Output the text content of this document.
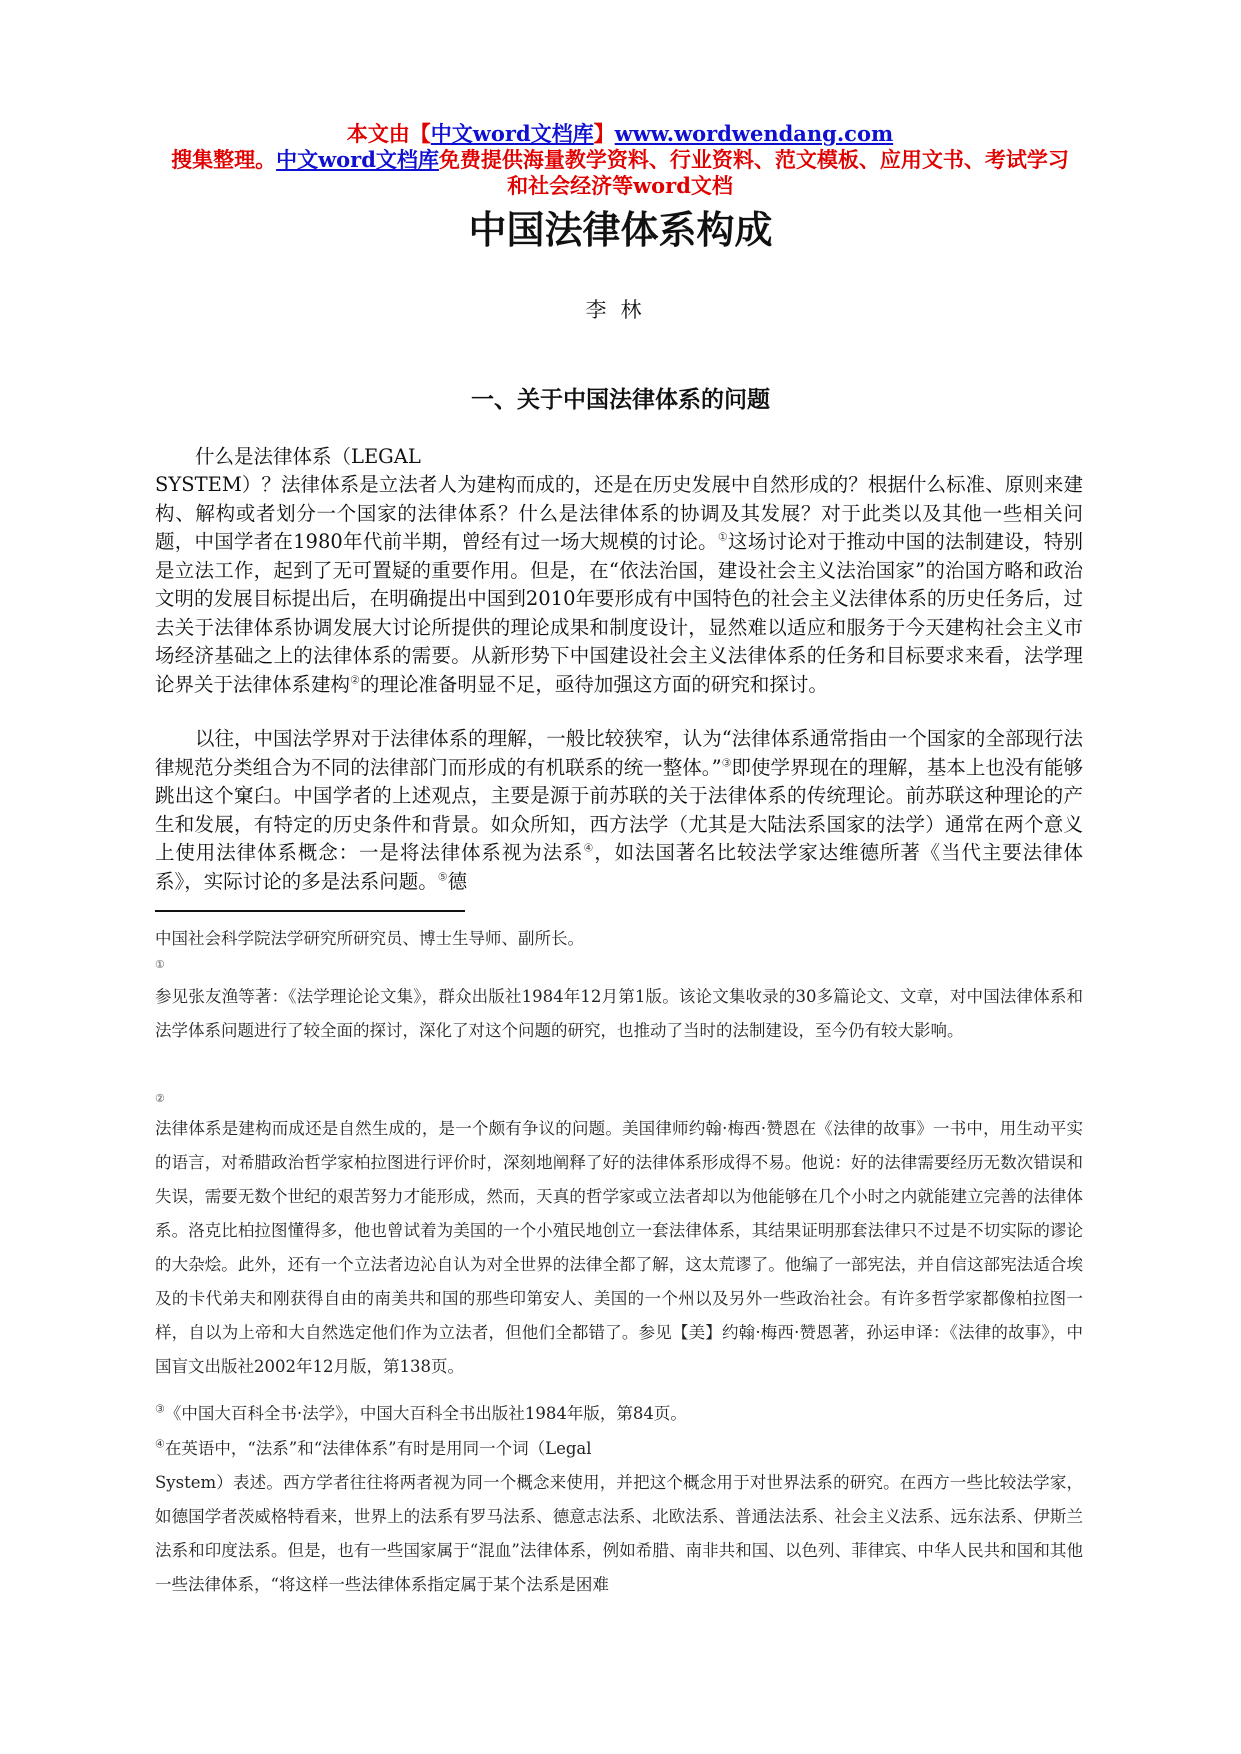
本文由【中文word文档库】www.wordwendang.com
搜集整理。中文word文档库免费提供海量教学资料、行业资料、范文模板、应用文书、考试学习
和社会经济等word文档
中国法律体系构成
李林
一、关于中国法律体系的问题

什么是法律体系（LEGAL

SYSTEM）？法律体系是立法者人为建构而成的，还是在历史发展中自然形成的？根据什么标准、原则来建构、解构或者划分一个国家的法律体系？什么是法律体系的协调及其发展？对于此类以及其他一些相关问题，中国学者在1980年代前半期，曾经有过一场大规模的讨论。①这场讨论对于推动中国的法制建设，特别是立法工作，起到了无可置疑的重要作用。但是，在“依法治国，建设社会主义法治国家”的治国方略和政治文明的发展目标提出后，在明确提出中国到2010年要形成有中国特色的社会主义法律体系的历史任务后，过去关于法律体系协调发展大讨论所提供的理论成果和制度设计，显然难以适应和服务于今天建构社会主义市场经济基础之上的法律体系的需要。从新形势下中国建设社会主义法律体系的任务和目标要求来看，法学理论界关于法律体系建构②的理论准备明显不足，亟待加强这方面的研究和探讨。

以往，中国法学界对于法律体系的理解，一般比较狭窄，认为“法律体系通常指由一个国家的全部现行法律规范分类组合为不同的法律部门而形成的有机联系的统一整体。”③即使学界现在的理解，基本上也没有能够跳出这个窠臼。中国学者的上述观点，主要是源于前苏联的关于法律体系的传统理论。前苏联这种理论的产生和发展，有特定的历史条件和背景。如众所知，西方法学（尤其是大陆法系国家的法学）通常在两个意义上使用法律体系概念：一是将法律体系视为法系④，如法国著名比较法学家达维德所著《当代主要法律体系》，实际讨论的多是法系问题。⑤德

中国社会科学院法学研究所研究员、博士生导师、副所长。

①

参见张友渔等著：《法学理论论文集》，群众出版社1984年12月第1版。该论文集收录的30多篇论文、文章，对中国法律体系和法学体系问题进行了较全面的探讨，深化了对这个问题的研究，也推动了当时的法制建设，至今仍有较大影响。

②

法律体系是建构而成还是自然生成的，是一个颇有争议的问题。美国律师约翰·梅西·赞恩在《法律的故事》一书中，用生动平实的语言，对希腊政治哲学家柏拉图进行评价时，深刻地阐释了好的法律体系形成得不易。他说：好的法律需要经历无数次错误和失误，需要无数个世纪的艰苦努力才能形成，然而，天真的哲学家或立法者却以为他能够在几个小时之内就能建立完善的法律体系。洛克比柏拉图懂得多，他也曾试着为美国的一个小殖民地创立一套法律体系，其结果证明那套法律只不过是不切实际的谬论的大杂烩。此外，还有一个立法者边沁自认为对全世界的法律全都了解，这太荒谬了。他编了一部宪法，并自信这部宪法适合埃及的卡代弟夫和刚获得自由的南美共和国的那些印第安人、美国的一个州以及另外一些政治社会。有许多哲学家都像柏拉图一样，自以为上帝和大自然选定他们作为立法者，但他们全都错了。参见【美】约翰·梅西·赞恩著，孙运申译：《法律的故事》，中国盲文出版社2002年12月版，第138页。

③《中国大百科全书·法学》，中国大百科全书出版社1984年版，第84页。

④在英语中，“法系”和“法律体系”有时是用同一个词（Legal
System）表述。西方学者往往将两者视为同一个概念来使用，并把这个概念用于对世界法系的研究。在西方一些比较法学家，如德国学者茨威格特看来，世界上的法系有罗马法系、德意志法系、北欧法系、普通法法系、社会主义法系、远东法系、伊斯兰法系和印度法系。但是，也有一些国家属于“混血”法律体系，例如希腊、南非共和国、以色列、菲律宾、中华人民共和国和其他一些法律体系，“将这样一些法律体系指定属于某个法系是困难
